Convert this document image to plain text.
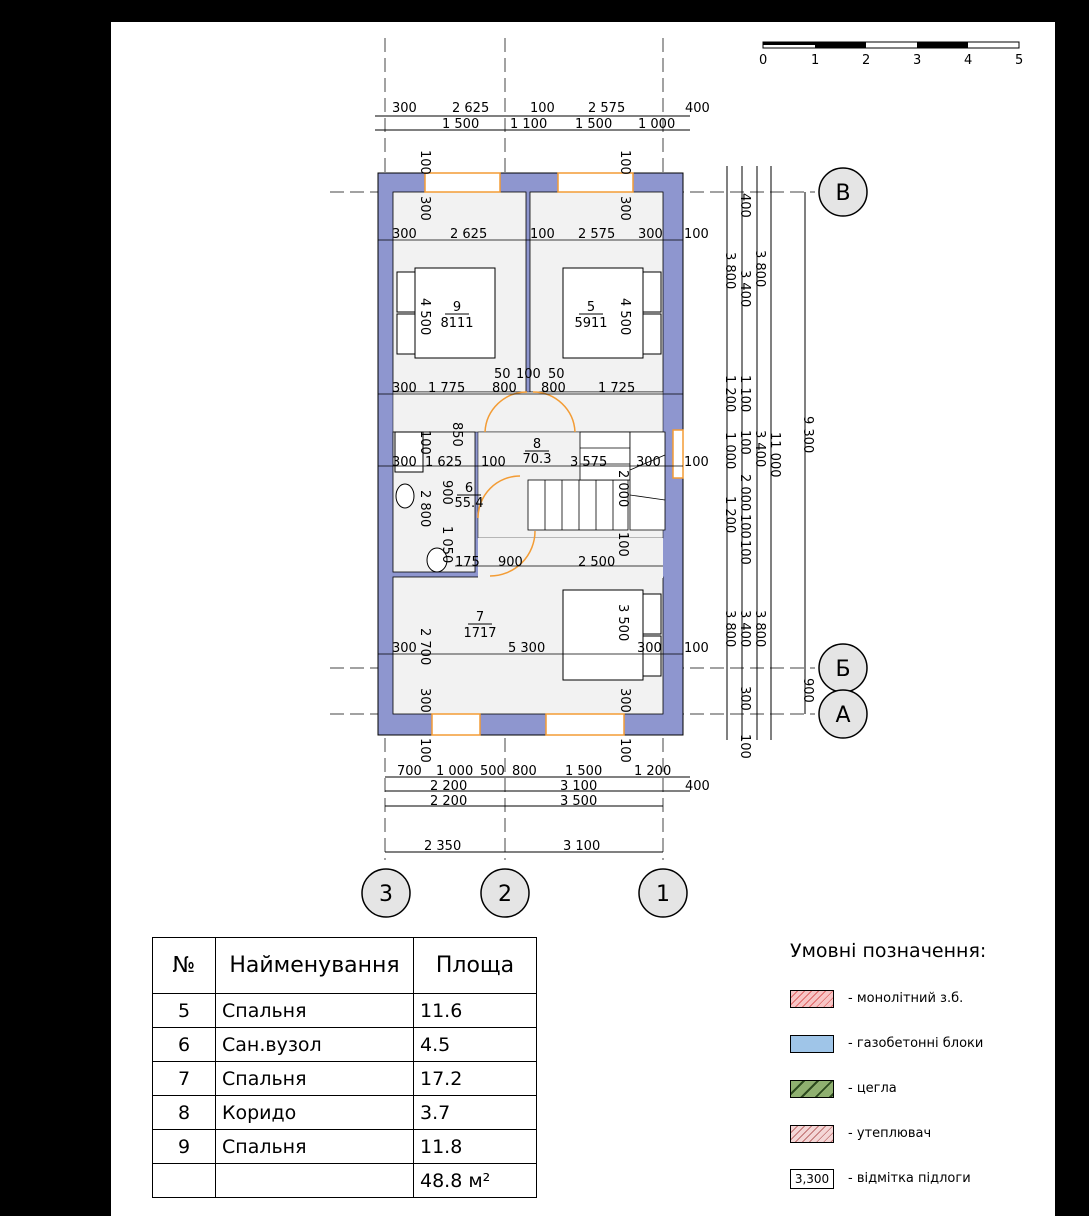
0	1	2	3	4	5
300	2 625	100	2 575	400
1 500 1 100 1 500 1 000
300	2 625	100 2 575 300 100
300 1 775
50 100 50
800 800 1 725
300 1 625 100	300 100
175 900	2 500
300	5 300	300 100
100
300
4 500	4 500
100
300
850
100
900
2 800
1 050
2 000
100
3 500
2 700
300	300
100	100
9
8111
5
5911
8
70.3 3 575
6
55.4
7
1717
700 1 000 500 800 1 500 1 200
400
2 200	3 100
2 200	3 500
2 350	3 100
400
3 800
1 200 1 100
1 000
1 200
3 800
3 400
100
2 000
100
100
3 400
300
100
3 800
3 400 11 000
3 800
9 300
900
3	2	1
В
Б
А
№	Найменування	Площа
5	Спальня	11.6
6	Сан.вузол	4.5
7	Спальня	17.2
8	Коридо	3.7
9	Спальня	11.8
		48.8 м²
Умовні позначення:
- монолітний з.б.
- газобетонні блоки
- цегла
- утеплювач
3,300	- відмітка підлоги
